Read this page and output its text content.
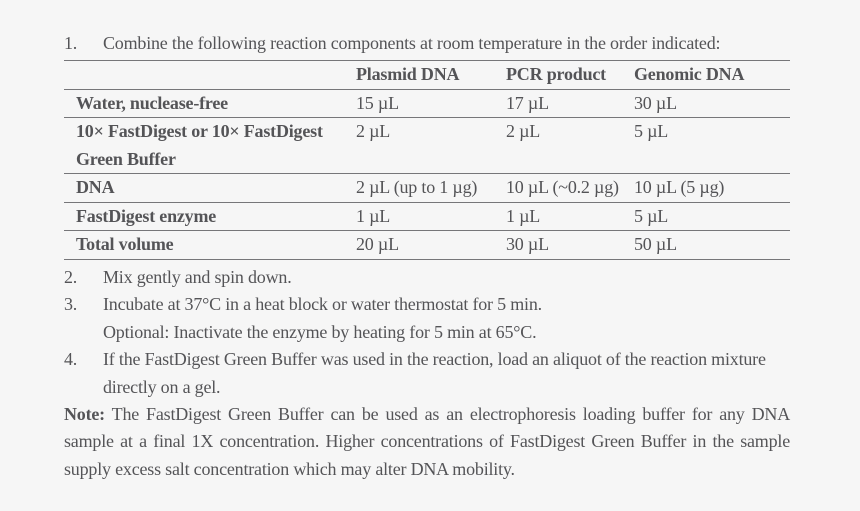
1.	Combine the following reaction components at room temperature in the order indicated:
	Plasmid DNA	PCR product	Genomic DNA
Water, nuclease-free	15 µL	17 µL	30 µL
10× FastDigest or 10× FastDigest Green Buffer	2 µL	2 µL	5 µL
DNA	2 µL (up to 1 µg)	10 µL (~0.2 µg)	10 µL (5 µg)
FastDigest enzyme	1 µL	1 µL	5 µL
Total volume	20 µL	30 µL	50 µL
2.	Mix gently and spin down.
3.	Incubate at 37°C in a heat block or water thermostat for 5 min.
Optional: Inactivate the enzyme by heating for 5 min at 65°C.
4.	If the FastDigest Green Buffer was used in the reaction, load an aliquot of the reaction mixture
directly on a gel.

Note: The FastDigest Green Buffer can be used as an electrophoresis loading buffer for any DNA sample at a final 1X concentration. Higher concentrations of FastDigest Green Buffer in the sample supply excess salt concentration which may alter DNA mobility.
